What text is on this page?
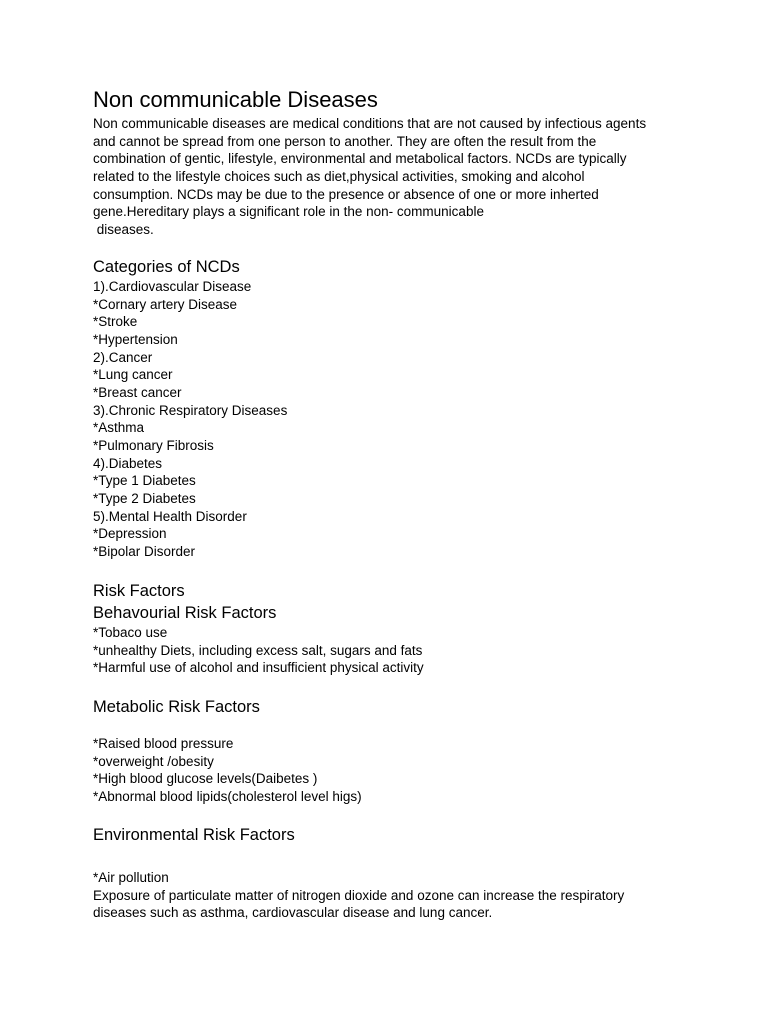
Non communicable Diseases

Non communicable diseases are medical conditions that are not caused by infectious agents

and cannot be spread from one person to another. They are often the result from the

combination of gentic, lifestyle, environmental and metabolical factors. NCDs are typically

related to the lifestyle choices such as diet,physical activities, smoking and alcohol

consumption. NCDs may be due to the presence or absence of one or more inherted

gene.Hereditary plays a significant role in the non- communicable

diseases.

Categories of NCDs

1).Cardiovascular Disease

*Cornary artery Disease

*Stroke

*Hypertension

2).Cancer

*Lung cancer

*Breast cancer

3).Chronic Respiratory Diseases

*Asthma

*Pulmonary Fibrosis

4).Diabetes

*Type 1 Diabetes

*Type 2 Diabetes

5).Mental Health Disorder

*Depression

*Bipolar Disorder

Risk Factors
Behavourial Risk Factors

*Tobaco use

*unhealthy Diets, including excess salt, sugars and fats

*Harmful use of alcohol and insufficient physical activity

Metabolic Risk Factors

*Raised blood pressure

*overweight /obesity

*High blood glucose levels(Daibetes )

*Abnormal blood lipids(cholesterol level higs)

Environmental Risk Factors

*Air pollution

Exposure of particulate matter of nitrogen dioxide and ozone can increase the respiratory

diseases such as asthma, cardiovascular disease and lung cancer.
